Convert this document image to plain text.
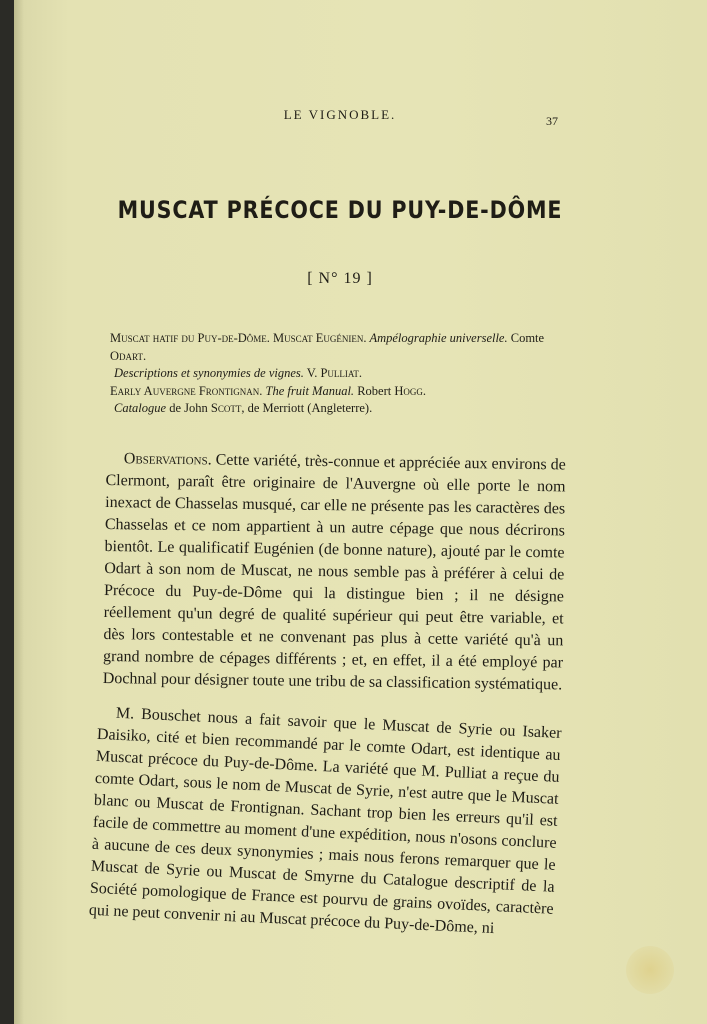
LE VIGNOBLE.	37
MUSCAT PRÉCOCE DU PUY-DE-DÔME
[ N° 19 ]

Muscat hatif du Puy-de-Dôme. Muscat Eugénien. Ampélographie universelle. Comte Odart.

Descriptions et synonymies de vignes. V. Pulliat.

Early Auvergne Frontignan. The fruit Manual. Robert Hogg.

Catalogue de John Scott, de Merriott (Angleterre).

Observations. Cette variété, très-connue et appréciée aux environs de Clermont, paraît être originaire de l'Auvergne où elle porte le nom inexact de Chasselas musqué, car elle ne présente pas les caractères des Chasselas et ce nom appartient à un autre cépage que nous décrirons bientôt. Le qualificatif Eugénien (de bonne nature), ajouté par le comte Odart à son nom de Muscat, ne nous semble pas à préférer à celui de Précoce du Puy-de-Dôme qui la distingue bien ; il ne désigne réellement qu'un degré de qualité supérieur qui peut être variable, et dès lors contestable et ne convenant pas plus à cette variété qu'à un grand nombre de cépages différents ; et, en effet, il a été employé par Dochnal pour désigner toute une tribu de sa classification systématique.

M. Bouschet nous a fait savoir que le Muscat de Syrie ou Isaker Daisiko, cité et bien recommandé par le comte Odart, est identique au Muscat précoce du Puy-de-Dôme. La variété que M. Pulliat a reçue du comte Odart, sous le nom de Muscat de Syrie, n'est autre que le Muscat blanc ou Muscat de Frontignan. Sachant trop bien les erreurs qu'il est facile de commettre au moment d'une expédition, nous n'osons conclure à aucune de ces deux synonymies ; mais nous ferons remarquer que le Muscat de Syrie ou Muscat de Smyrne du Catalogue descriptif de la Société pomologique de France est pourvu de grains ovoïdes, caractère qui ne peut convenir ni au Muscat précoce du Puy-de-Dôme, ni
